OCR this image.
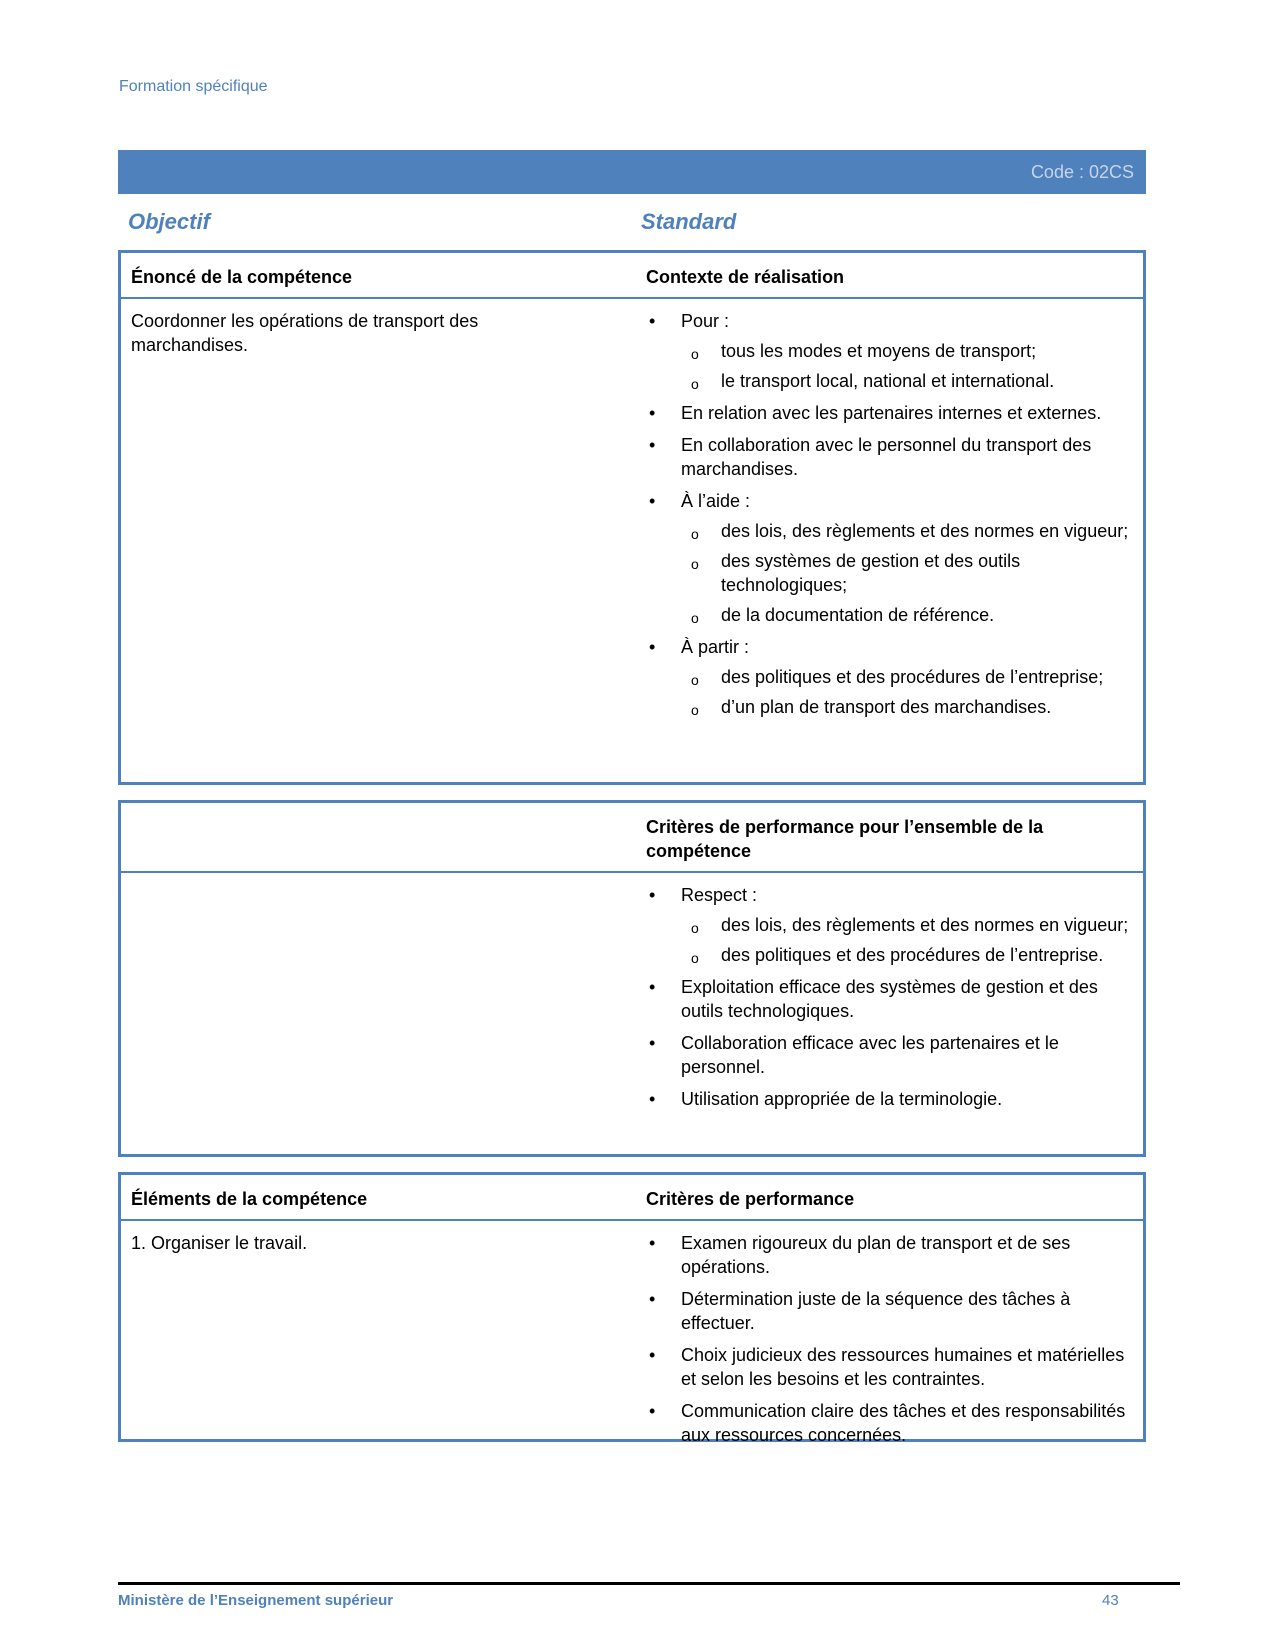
Formation spécifique
Code : 02CS
Objectif	Standard
Énoncé de la compétence	Contexte de réalisation
Coordonner les opérations de transport des marchandises.
• Pour :
o tous les modes et moyens de transport;
o le transport local, national et international.
• En relation avec les partenaires internes et externes.
• En collaboration avec le personnel du transport des marchandises.
• À l’aide :
o des lois, des règlements et des normes en vigueur;
o des systèmes de gestion et des outils technologiques;
o de la documentation de référence.
• À partir :
o des politiques et des procédures de l’entreprise;
o d’un plan de transport des marchandises.
Critères de performance pour l’ensemble de la compétence
• Respect :
o des lois, des règlements et des normes en vigueur;
o des politiques et des procédures de l’entreprise.
• Exploitation efficace des systèmes de gestion et des outils technologiques.
• Collaboration efficace avec les partenaires et le personnel.
• Utilisation appropriée de la terminologie.
Éléments de la compétence	Critères de performance
1. Organiser le travail.	• Examen rigoureux du plan de transport et de ses opérations.
• Détermination juste de la séquence des tâches à effectuer.
• Choix judicieux des ressources humaines et matérielles et selon les besoins et les contraintes.
• Communication claire des tâches et des responsabilités aux ressources concernées.
Ministère de l’Enseignement supérieur	43
